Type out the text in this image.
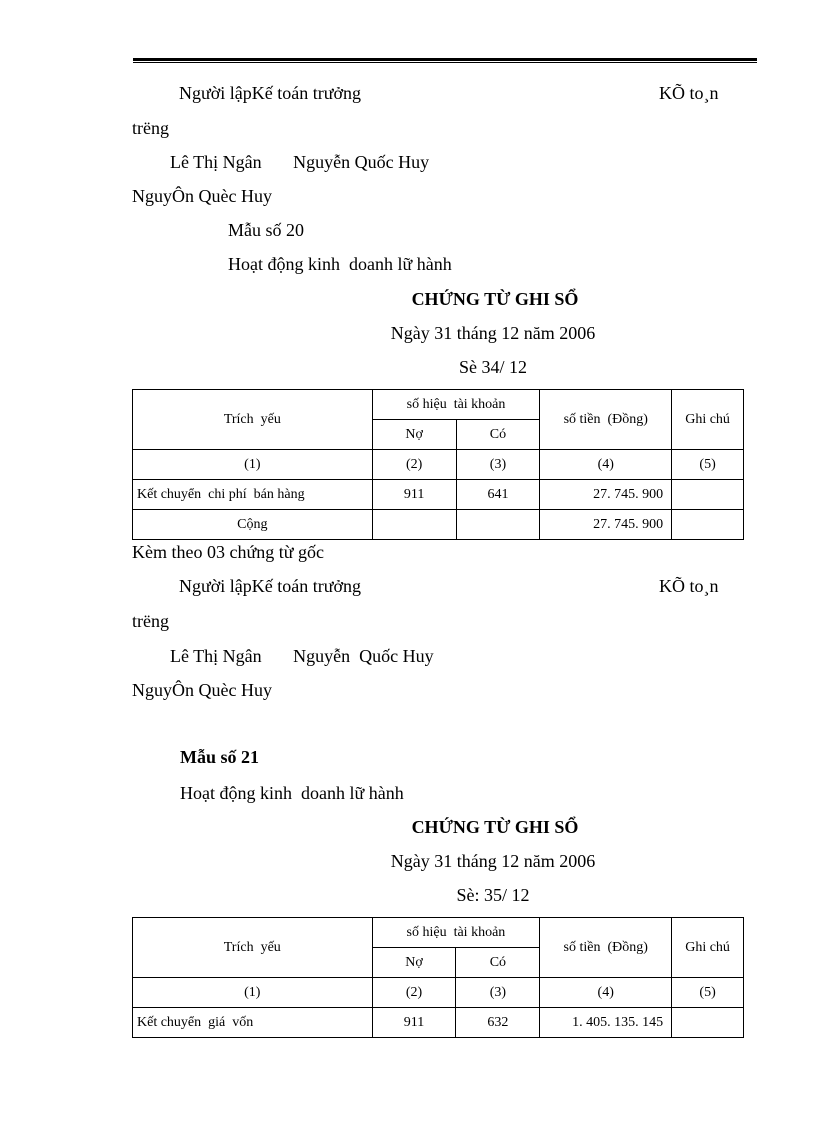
Người lậpKế toán trưởng	KÕ to¸n
trëng
Lê Thị Ngân       Nguyễn Quốc Huy
NguyÔn Quèc Huy
Mẫu số 20
Hoạt động kinh  doanh lữ hành
CHỨNG TỪ GHI SỔ
Ngày 31 tháng 12 năm 2006
Sè 34/ 12
Trích  yếu	số hiệu  tài khoản		số tiền  (Đồng)	Ghi chú
	Nợ	Có		
(1)	(2)	(3)	(4)	(5)
Kết chuyển  chi phí  bán hàng	911	641	27. 745. 900	
Cộng			27. 745. 900	
Kèm theo 03 chứng từ gốc
Người lậpKế toán trưởng	KÕ to¸n
trëng
Lê Thị Ngân       Nguyễn  Quốc Huy
NguyÔn Quèc Huy
Mẫu số 21
Hoạt động kinh  doanh lữ hành
CHỨNG TỪ GHI SỔ
Ngày 31 tháng 12 năm 2006
Sè: 35/ 12
Trích  yếu	số hiệu  tài khoản		số tiền  (Đồng)	Ghi chú
	Nợ	Có		
(1)	(2)	(3)	(4)	(5)
Kết chuyển  giá  vốn	911	632	1. 405. 135. 145	
